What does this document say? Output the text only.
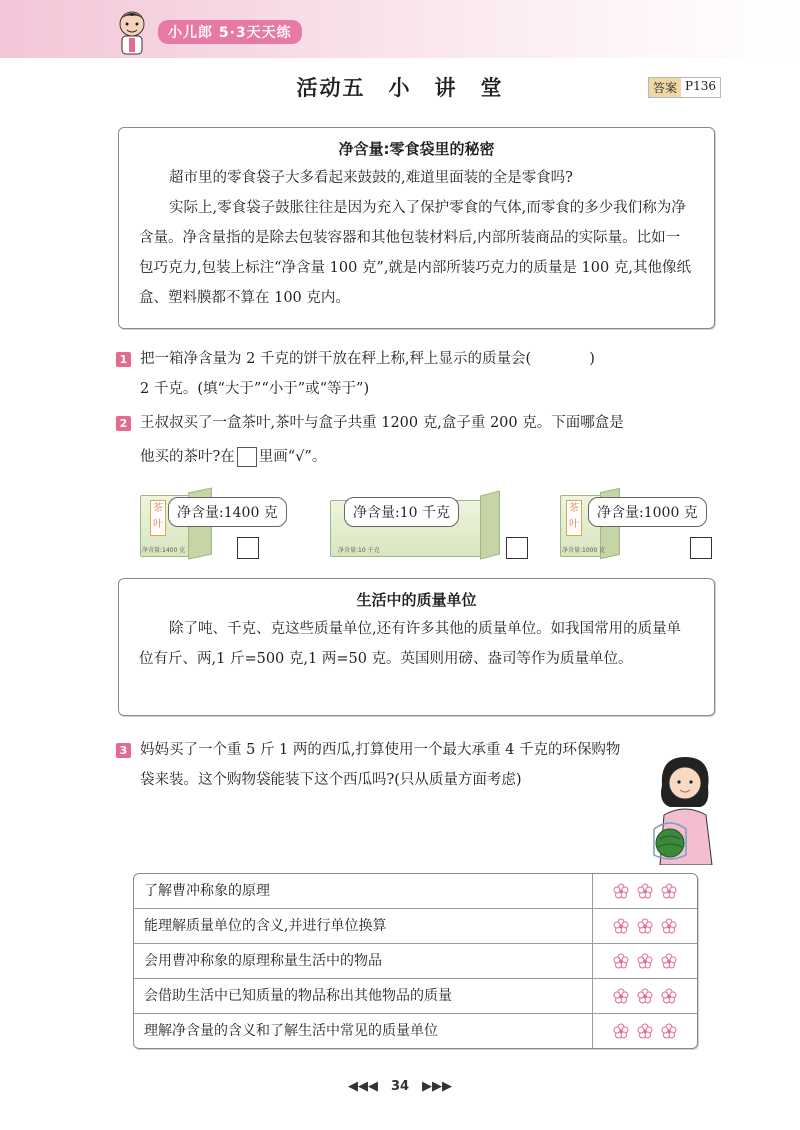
小儿郎 5·3天天练
活动五　小　讲　堂	答案 P136
净含量:零食袋里的秘密

超市里的零食袋子大多看起来鼓鼓的,难道里面装的全是零食吗?

实际上,零食袋子鼓胀往往是因为充入了保护零食的气体,而零食的多少我们称为净含量。净含量指的是除去包装容器和其他包装材料后,内部所装商品的实际量。比如一包巧克力,包装上标注“净含量 100 克”,就是内部所装巧克力的质量是 100 克,其他像纸盒、塑料膜都不算在 100 克内。

1 把一箱净含量为 2 千克的饼干放在秤上称,秤上显示的质量会(　　　　)
2 千克。(填“大于”“小于”或“等于”)
2 王叔叔买了一盒茶叶,茶叶与盒子共重 1200 克,盒子重 200 克。下面哪盒是
他买的茶叶?在 里画“√”。
茶叶
净含量:1400 克
净含量:1400 克
净含量:10 千克
净含量:10 千克	茶叶
净含量:1000 克
净含量:1000 克
生活中的质量单位

除了吨、千克、克这些质量单位,还有许多其他的质量单位。如我国常用的质量单位有斤、两,1 斤=500 克,1 两=50 克。英国则用磅、盎司等作为质量单位。

3 妈妈买了一个重 5 斤 1 两的西瓜,打算使用一个最大承重 4 千克的环保购物
袋来装。这个购物袋能装下这个西瓜吗?(只从质量方面考虑)
了解曹冲称象的原理
能理解质量单位的含义,并进行单位换算
会用曹冲称象的原理称量生活中的物品
会借助生活中已知质量的物品称出其他物品的质量
理解净含量的含义和了解生活中常见的质量单位
◀◀◀　34　▶▶▶
